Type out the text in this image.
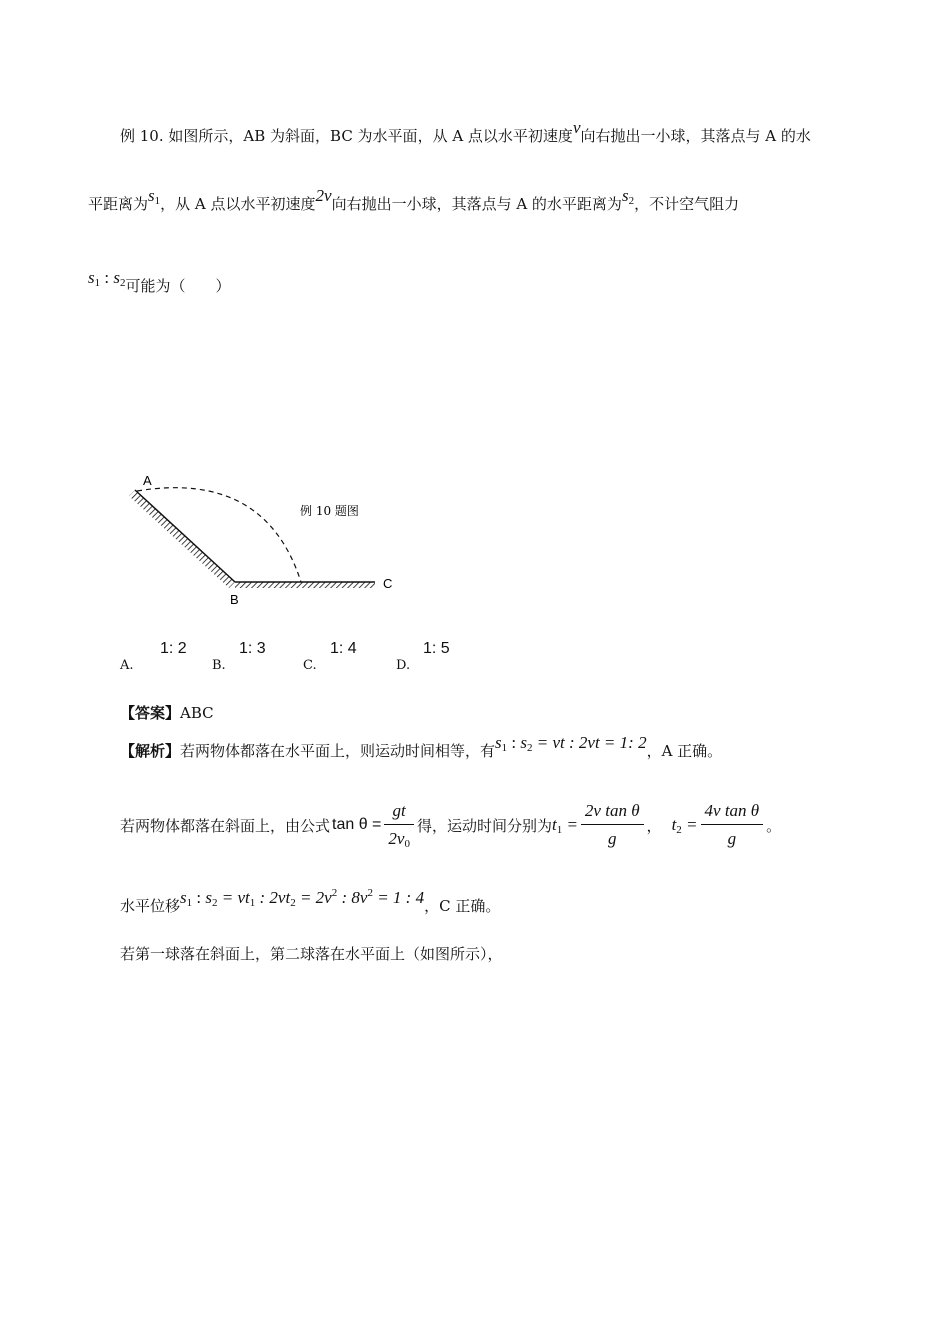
例 10. 如图所示，AB 为斜面，BC 为水平面，从 A 点以水平初速度v向右抛出一小球，其落点与 A 的水
平距离为$s_1$，从 A 点以水平初速度2v向右抛出一小球，其落点与 A 的水平距离为$s_2$，不计空气阻力
$s_1$ : $s_2$可能为（　　）
A
B
C
例 10 题图
A.
1: 2
B.
1: 3
C.
1: 4
D.
1: 5
【答案】ABC
【解析】若两物体都落在水平面上，则运动时间相等，有$s_1$ : $s_2$ = vt : 2vt = 1: 2，A 正确。
若两物体都落在斜面上，由公式 $\tan \theta = \frac{gt}{2v_0}$ 得，运动时间分别为 $t_1 = \frac{\text{2v tan θ}}{g}$ ， $t_2 = \frac{\text{4v tan θ}}{g}$ 。
水平位移$s_1$ : $s_2 = vt_1$ : $2vt_2 = 2v^2$ : $8v^2 = 1$ : 4，C 正确。
若第一球落在斜面上，第二球落在水平面上（如图所示），
